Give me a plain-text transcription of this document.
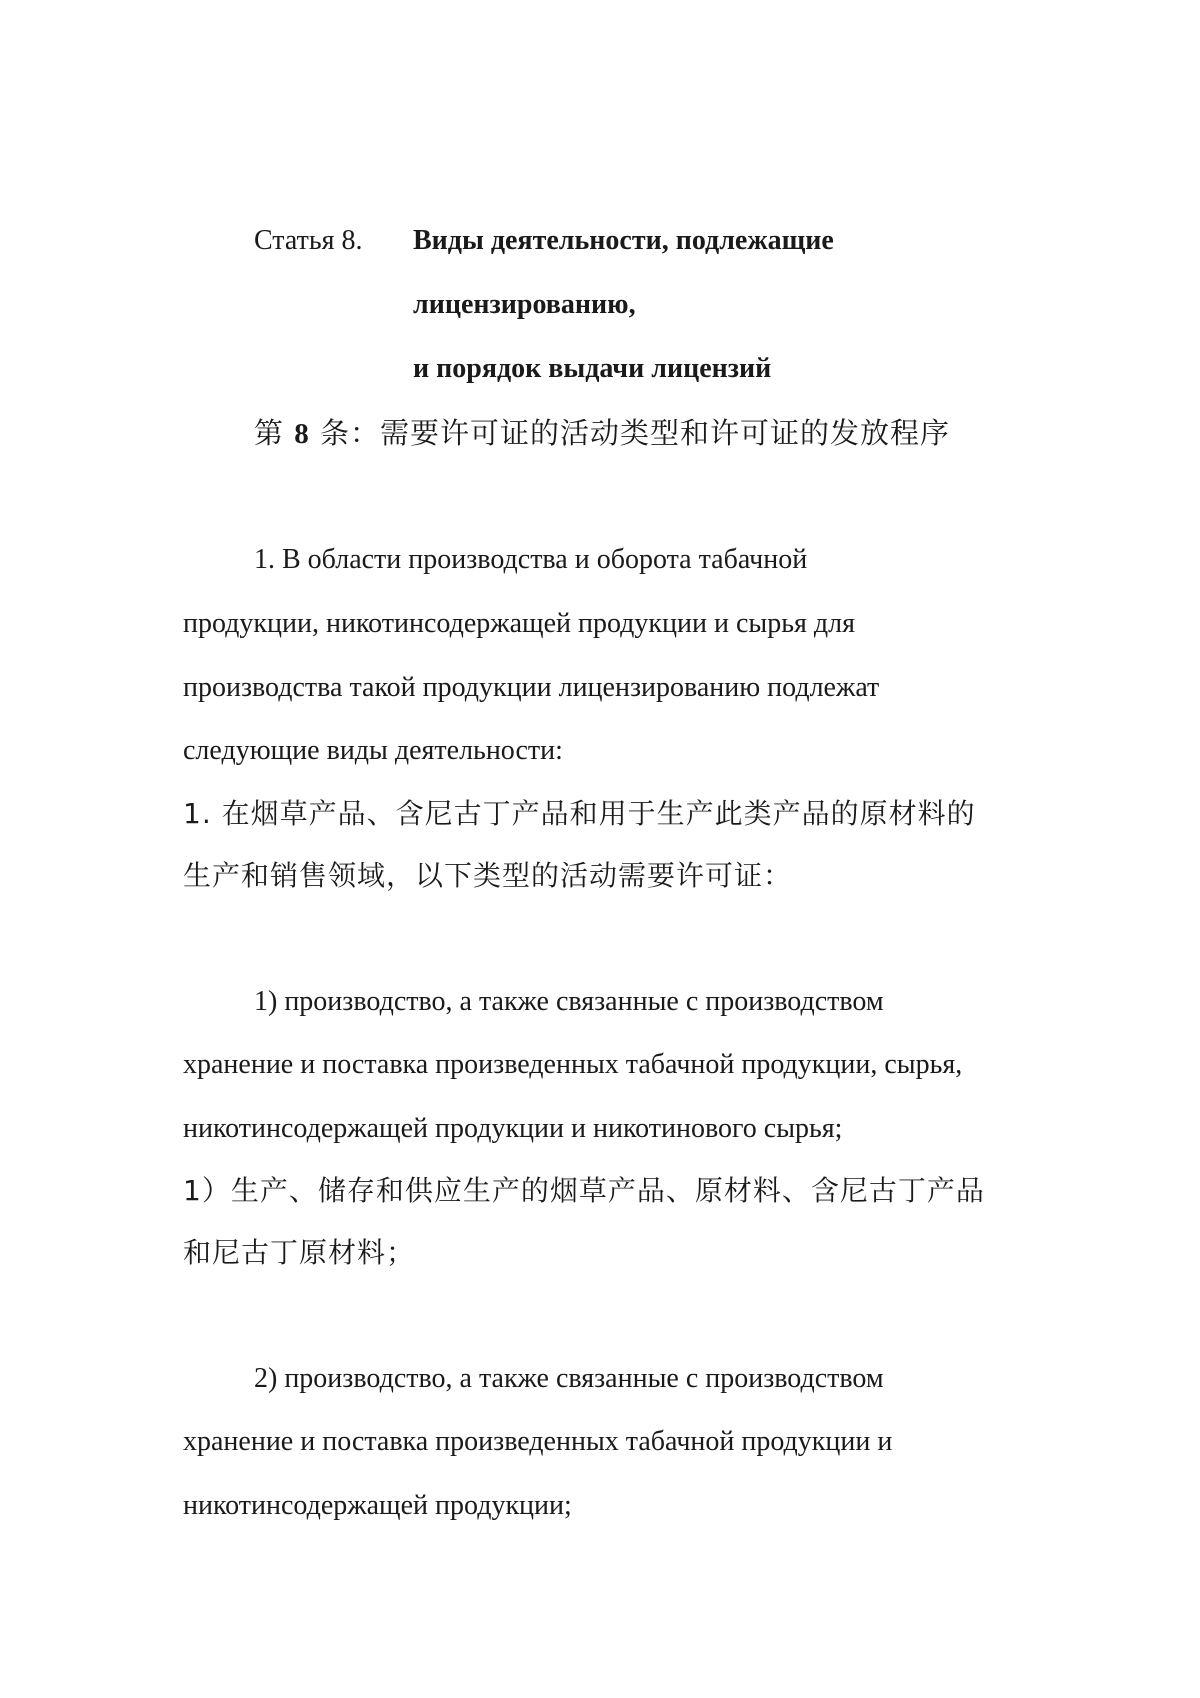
Статья 8. Виды деятельности, подлежащие
лицензированию,
и порядок выдачи лицензий
第 8 条：需要许可证的活动类型和许可证的发放程序
1. В области производства и оборота табачной
продукции, никотинсодержащей продукции и сырья для
производства такой продукции лицензированию подлежат
следующие виды деятельности:
1. 在烟草产品、含尼古丁产品和用于生产此类产品的原材料的
生产和销售领域，以下类型的活动需要许可证：
1) производство, а также связанные с производством
хранение и поставка произведенных табачной продукции, сырья,
никотинсодержащей продукции и никотинового сырья;
1）生产、储存和供应生产的烟草产品、原材料、含尼古丁产品
和尼古丁原材料；
2) производство, а также связанные с производством
хранение и поставка произведенных табачной продукции и
никотинсодержащей продукции;
